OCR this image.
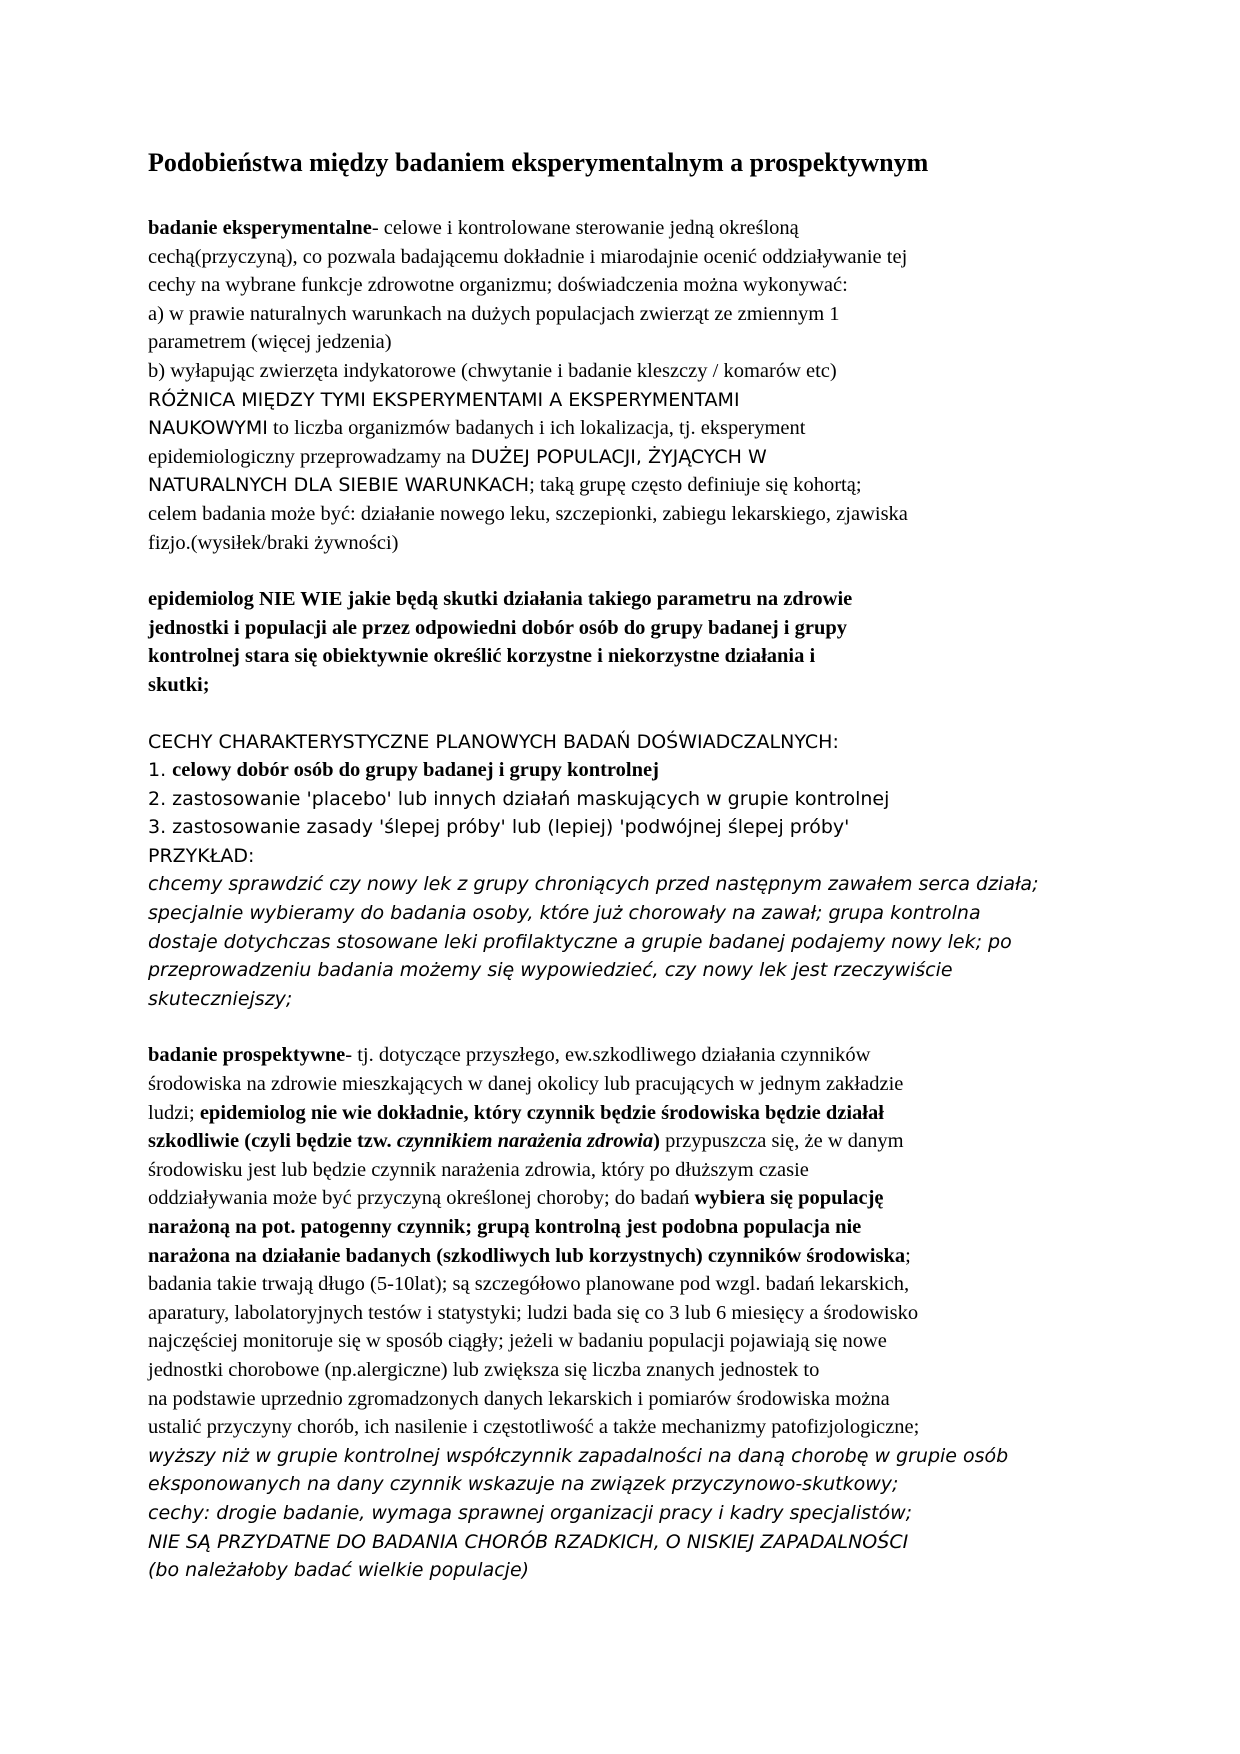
Podobieństwa między badaniem eksperymentalnym a prospektywnym

badanie eksperymentalne- celowe i kontrolowane sterowanie jedną określoną

cechą(przyczyną), co pozwala badającemu dokładnie i miarodajnie ocenić oddziaływanie tej

cechy na wybrane funkcje zdrowotne organizmu; doświadczenia można wykonywać:

a) w prawie naturalnych warunkach na dużych populacjach zwierząt ze zmiennym 1

parametrem (więcej jedzenia)

b) wyłapując zwierzęta indykatorowe (chwytanie i badanie kleszczy / komarów etc)

RÓŻNICA MIĘDZY TYMI EKSPERYMENTAMI A EKSPERYMENTAMI

NAUKOWYMI to liczba organizmów badanych i ich lokalizacja, tj. eksperyment

epidemiologiczny przeprowadzamy na DUŻEJ POPULACJI, ŻYJĄCYCH W

NATURALNYCH DLA SIEBIE WARUNKACH; taką grupę często definiuje się kohortą;

celem badania może być: działanie nowego leku, szczepionki, zabiegu lekarskiego, zjawiska

fizjo.(wysiłek/braki żywności)

epidemiolog NIE WIE jakie będą skutki działania takiego parametru na zdrowie

jednostki i populacji ale przez odpowiedni dobór osób do grupy badanej i grupy

kontrolnej stara się obiektywnie określić korzystne i niekorzystne działania i

skutki;

CECHY CHARAKTERYSTYCZNE PLANOWYCH BADAŃ DOŚWIADCZALNYCH:

1. celowy dobór osób do grupy badanej i grupy kontrolnej

2. zastosowanie 'placebo' lub innych działań maskujących w grupie kontrolnej

3. zastosowanie zasady 'ślepej próby' lub (lepiej) 'podwójnej ślepej próby'

PRZYKŁAD:

chcemy sprawdzić czy nowy lek z grupy chroniących przed następnym zawałem serca działa;

specjalnie wybieramy do badania osoby, które już chorowały na zawał; grupa kontrolna

dostaje dotychczas stosowane leki profilaktyczne a grupie badanej podajemy nowy lek; po

przeprowadzeniu badania możemy się wypowiedzieć, czy nowy lek jest rzeczywiście

skuteczniejszy;

badanie prospektywne- tj. dotyczące przyszłego, ew.szkodliwego działania czynników

środowiska na zdrowie mieszkających w danej okolicy lub pracujących w jednym zakładzie

ludzi; epidemiolog nie wie dokładnie, który czynnik będzie środowiska będzie działał

szkodliwie (czyli będzie tzw. czynnikiem narażenia zdrowia) przypuszcza się, że w danym

środowisku jest lub będzie czynnik narażenia zdrowia, który po dłuższym czasie

oddziaływania może być przyczyną określonej choroby; do badań wybiera się populację

narażoną na pot. patogenny czynnik; grupą kontrolną jest podobna populacja nie

narażona na działanie badanych (szkodliwych lub korzystnych) czynników środowiska;

badania takie trwają długo (5-10lat); są szczegółowo planowane pod wzgl. badań lekarskich,

aparatury, labolatoryjnych testów i statystyki; ludzi bada się co 3 lub 6 miesięcy a środowisko

najczęściej monitoruje się w sposób ciągły; jeżeli w badaniu populacji pojawiają się nowe

jednostki chorobowe (np.alergiczne) lub zwiększa się liczba znanych jednostek to

na podstawie uprzednio zgromadzonych danych lekarskich i pomiarów środowiska można

ustalić przyczyny chorób, ich nasilenie i częstotliwość a także mechanizmy patofizjologiczne;

wyższy niż w grupie kontrolnej współczynnik zapadalności na daną chorobę w grupie osób

eksponowanych na dany czynnik wskazuje na związek przyczynowo-skutkowy;

cechy: drogie badanie, wymaga sprawnej organizacji pracy i kadry specjalistów;

NIE SĄ PRZYDATNE DO BADANIA CHORÓB RZADKICH, O NISKIEJ ZAPADALNOŚCI

(bo należałoby badać wielkie populacje)
